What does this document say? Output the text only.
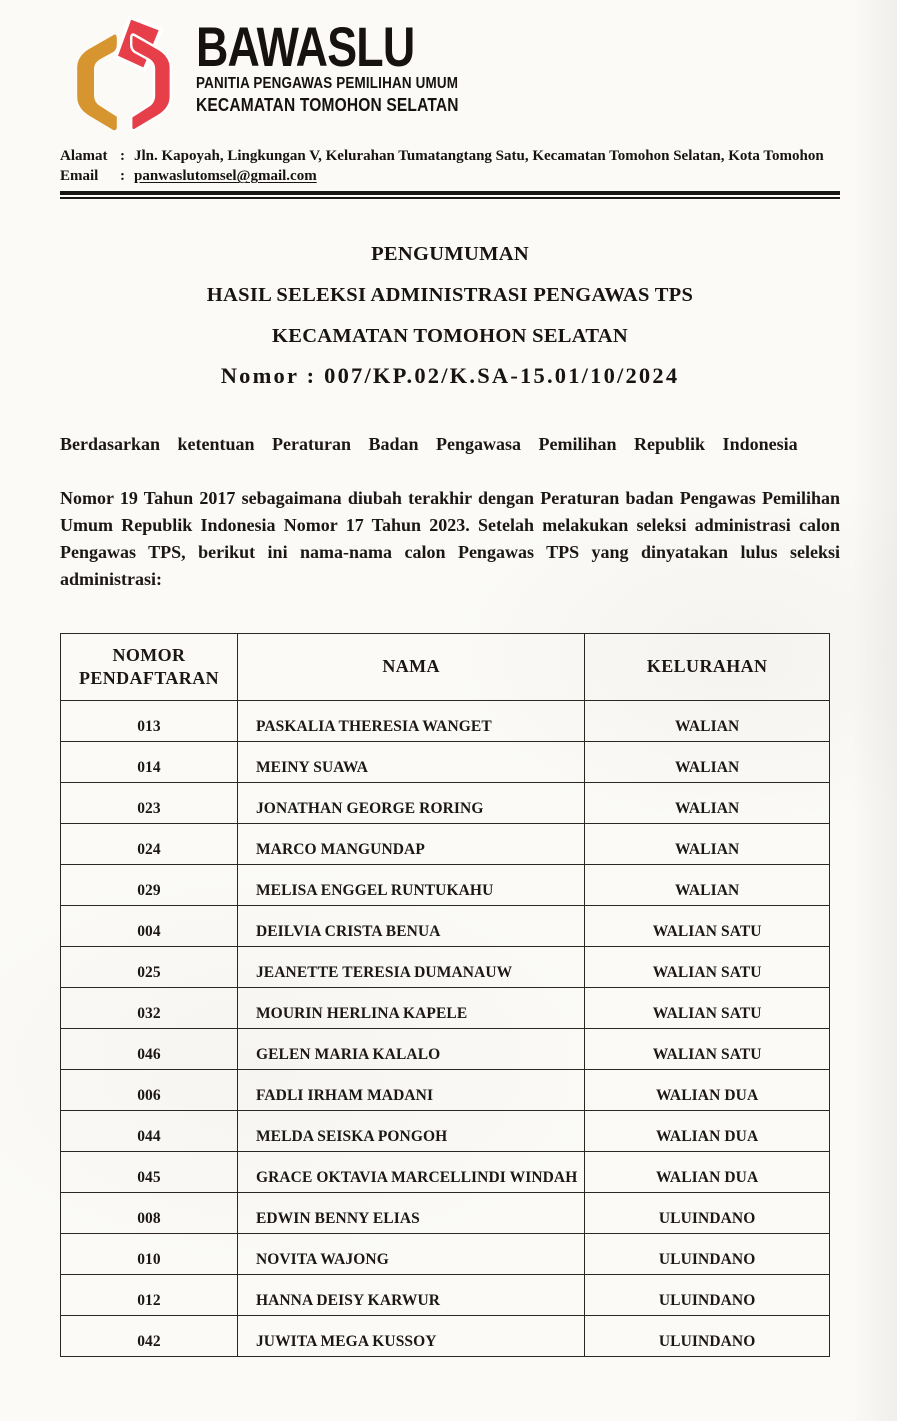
BAWASLU
PANITIA PENGAWAS PEMILIHAN UMUM
KECAMATAN TOMOHON SELATAN
Alamat : Jln. Kapoyah, Lingkungan V, Kelurahan Tumatangtang Satu, Kecamatan Tomohon Selatan, Kota Tomohon
Email : panwaslutomsel@gmail.com
PENGUMUMAN
HASIL SELEKSI ADMINISTRASI PENGAWAS TPS
KECAMATAN TOMOHON SELATAN
Nomor : 007/KP.02/K.SA-15.01/10/2024

Berdasarkan ketentuan Peraturan Badan Pengawasa Pemilihan Republik Indonesia

Nomor 19 Tahun 2017 sebagaimana diubah terakhir dengan Peraturan badan Pengawas Pemilihan Umum Republik Indonesia Nomor 17 Tahun 2023. Setelah melakukan seleksi administrasi calon Pengawas TPS, berikut ini nama-nama calon Pengawas TPS yang dinyatakan lulus seleksi administrasi:

NOMOR PENDAFTARAN	NAMA	KELURAHAN
013	PASKALIA THERESIA WANGET	WALIAN
014	MEINY SUAWA	WALIAN
023	JONATHAN GEORGE RORING	WALIAN
024	MARCO MANGUNDAP	WALIAN
029	MELISA ENGGEL RUNTUKAHU	WALIAN
004	DEILVIA CRISTA BENUA	WALIAN SATU
025	JEANETTE TERESIA DUMANAUW	WALIAN SATU
032	MOURIN HERLINA KAPELE	WALIAN SATU
046	GELEN MARIA KALALO	WALIAN SATU
006	FADLI IRHAM MADANI	WALIAN DUA
044	MELDA SEISKA PONGOH	WALIAN DUA
045	GRACE OKTAVIA MARCELLINDI WINDAH	WALIAN DUA
008	EDWIN BENNY ELIAS	ULUINDANO
010	NOVITA WAJONG	ULUINDANO
012	HANNA DEISY KARWUR	ULUINDANO
042	JUWITA MEGA KUSSOY	ULUINDANO
